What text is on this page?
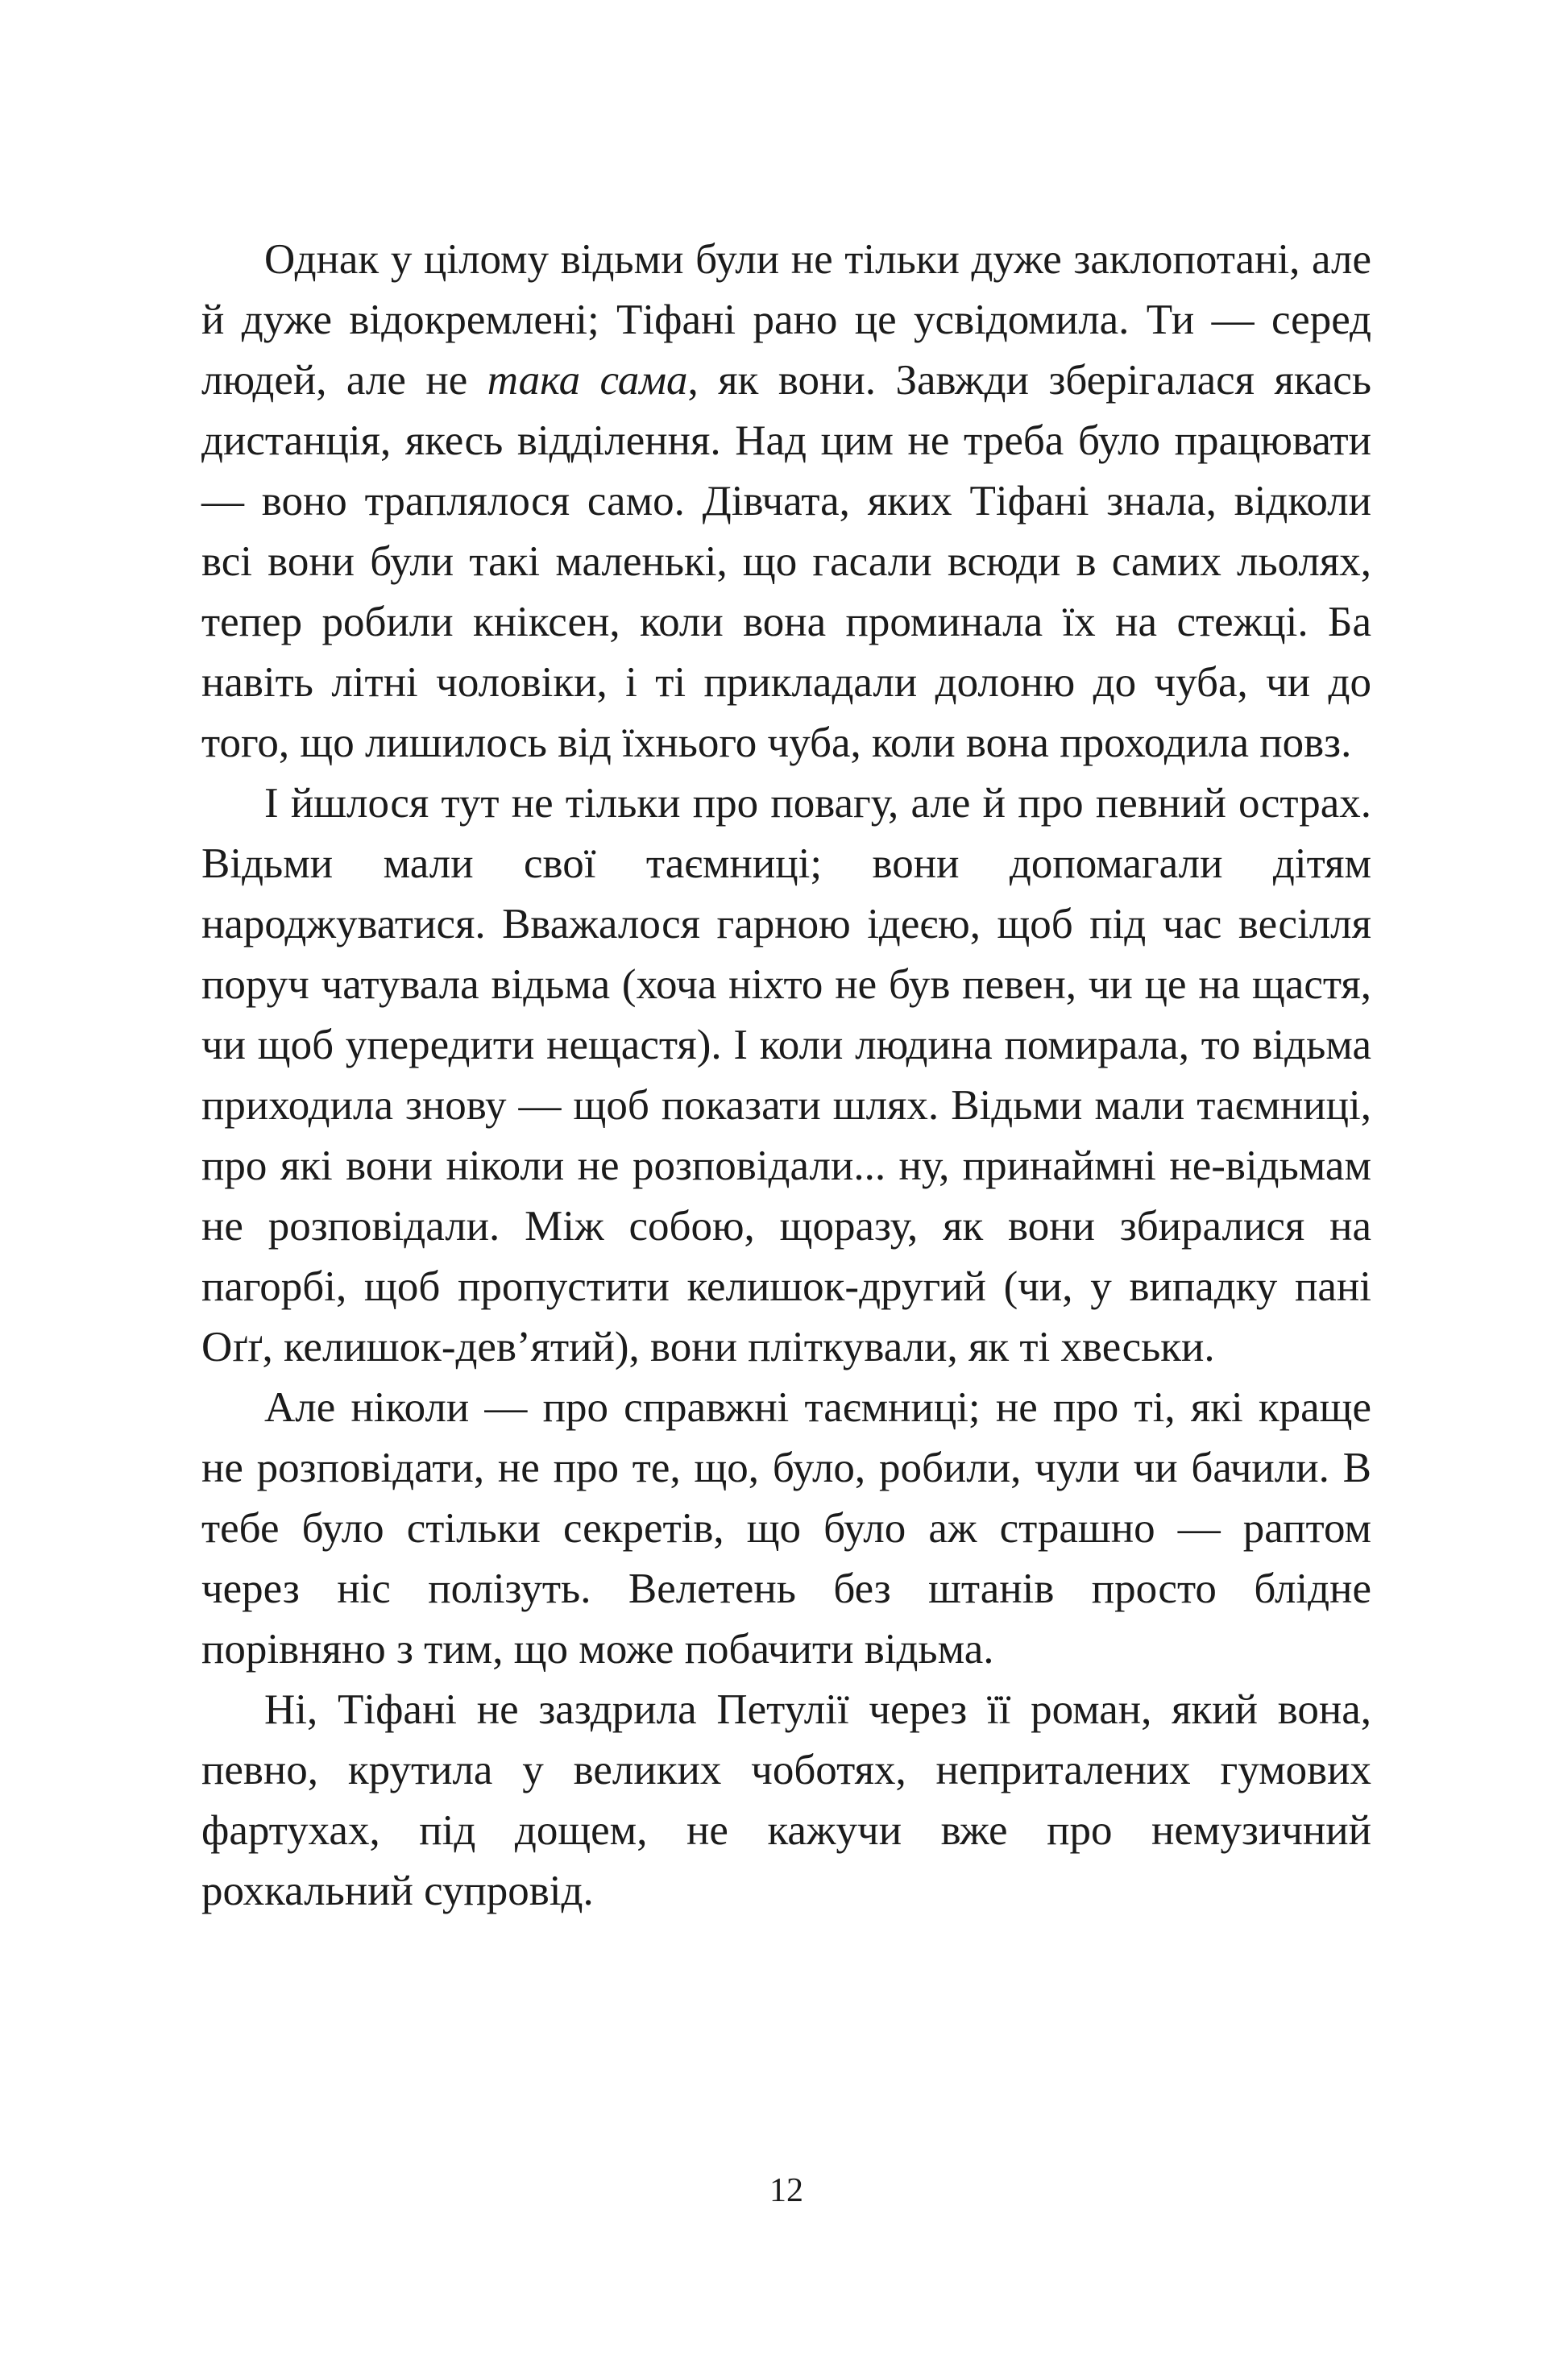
Однак у цілому відьми були не тільки дуже заклопотані, але й дуже відокремлені; Тіфані рано це усвідомила. Ти — серед людей, але не така сама, як вони. Завжди зберігалася якась дистанція, якесь відділення. Над цим не треба було працювати — воно траплялося само. Дівчата, яких Тіфані знала, відколи всі вони були такі маленькі, що гасали всюди в самих льолях, тепер робили кніксен, коли вона проминала їх на стежці. Ба навіть літні чоловіки, і ті прикладали долоню до чуба, чи до того, що лишилось від їхнього чуба, коли вона проходила повз.

І йшлося тут не тільки про повагу, але й про певний острах. Відьми мали свої таємниці; вони допомагали дітям народжуватися. Вважалося гарною ідеєю, щоб під час весілля поруч чатувала відьма (хоча ніхто не був певен, чи це на щастя, чи щоб упередити нещастя). І коли людина помирала, то відьма приходила знову — щоб показати шлях. Відьми мали таємниці, про які вони ніколи не розповідали... ну, принаймні не-відьмам не розповідали. Між собою, щоразу, як вони збиралися на пагорбі, щоб пропустити келишок-другий (чи, у випадку пані Оґґ, келишок-дев’ятий), вони пліткували, як ті хвеськи.

Але ніколи — про справжні таємниці; не про ті, які краще не розповідати, не про те, що, було, робили, чули чи бачили. В тебе було стільки секретів, що було аж страшно — раптом через ніс полізуть. Велетень без штанів просто блідне порівняно з тим, що може побачити відьма.

Ні, Тіфані не заздрила Петулії через її роман, який вона, певно, крутила у великих чоботях, неприталених гумових фартухах, під дощем, не кажучи вже про немузичний рохкальний супровід.

12
